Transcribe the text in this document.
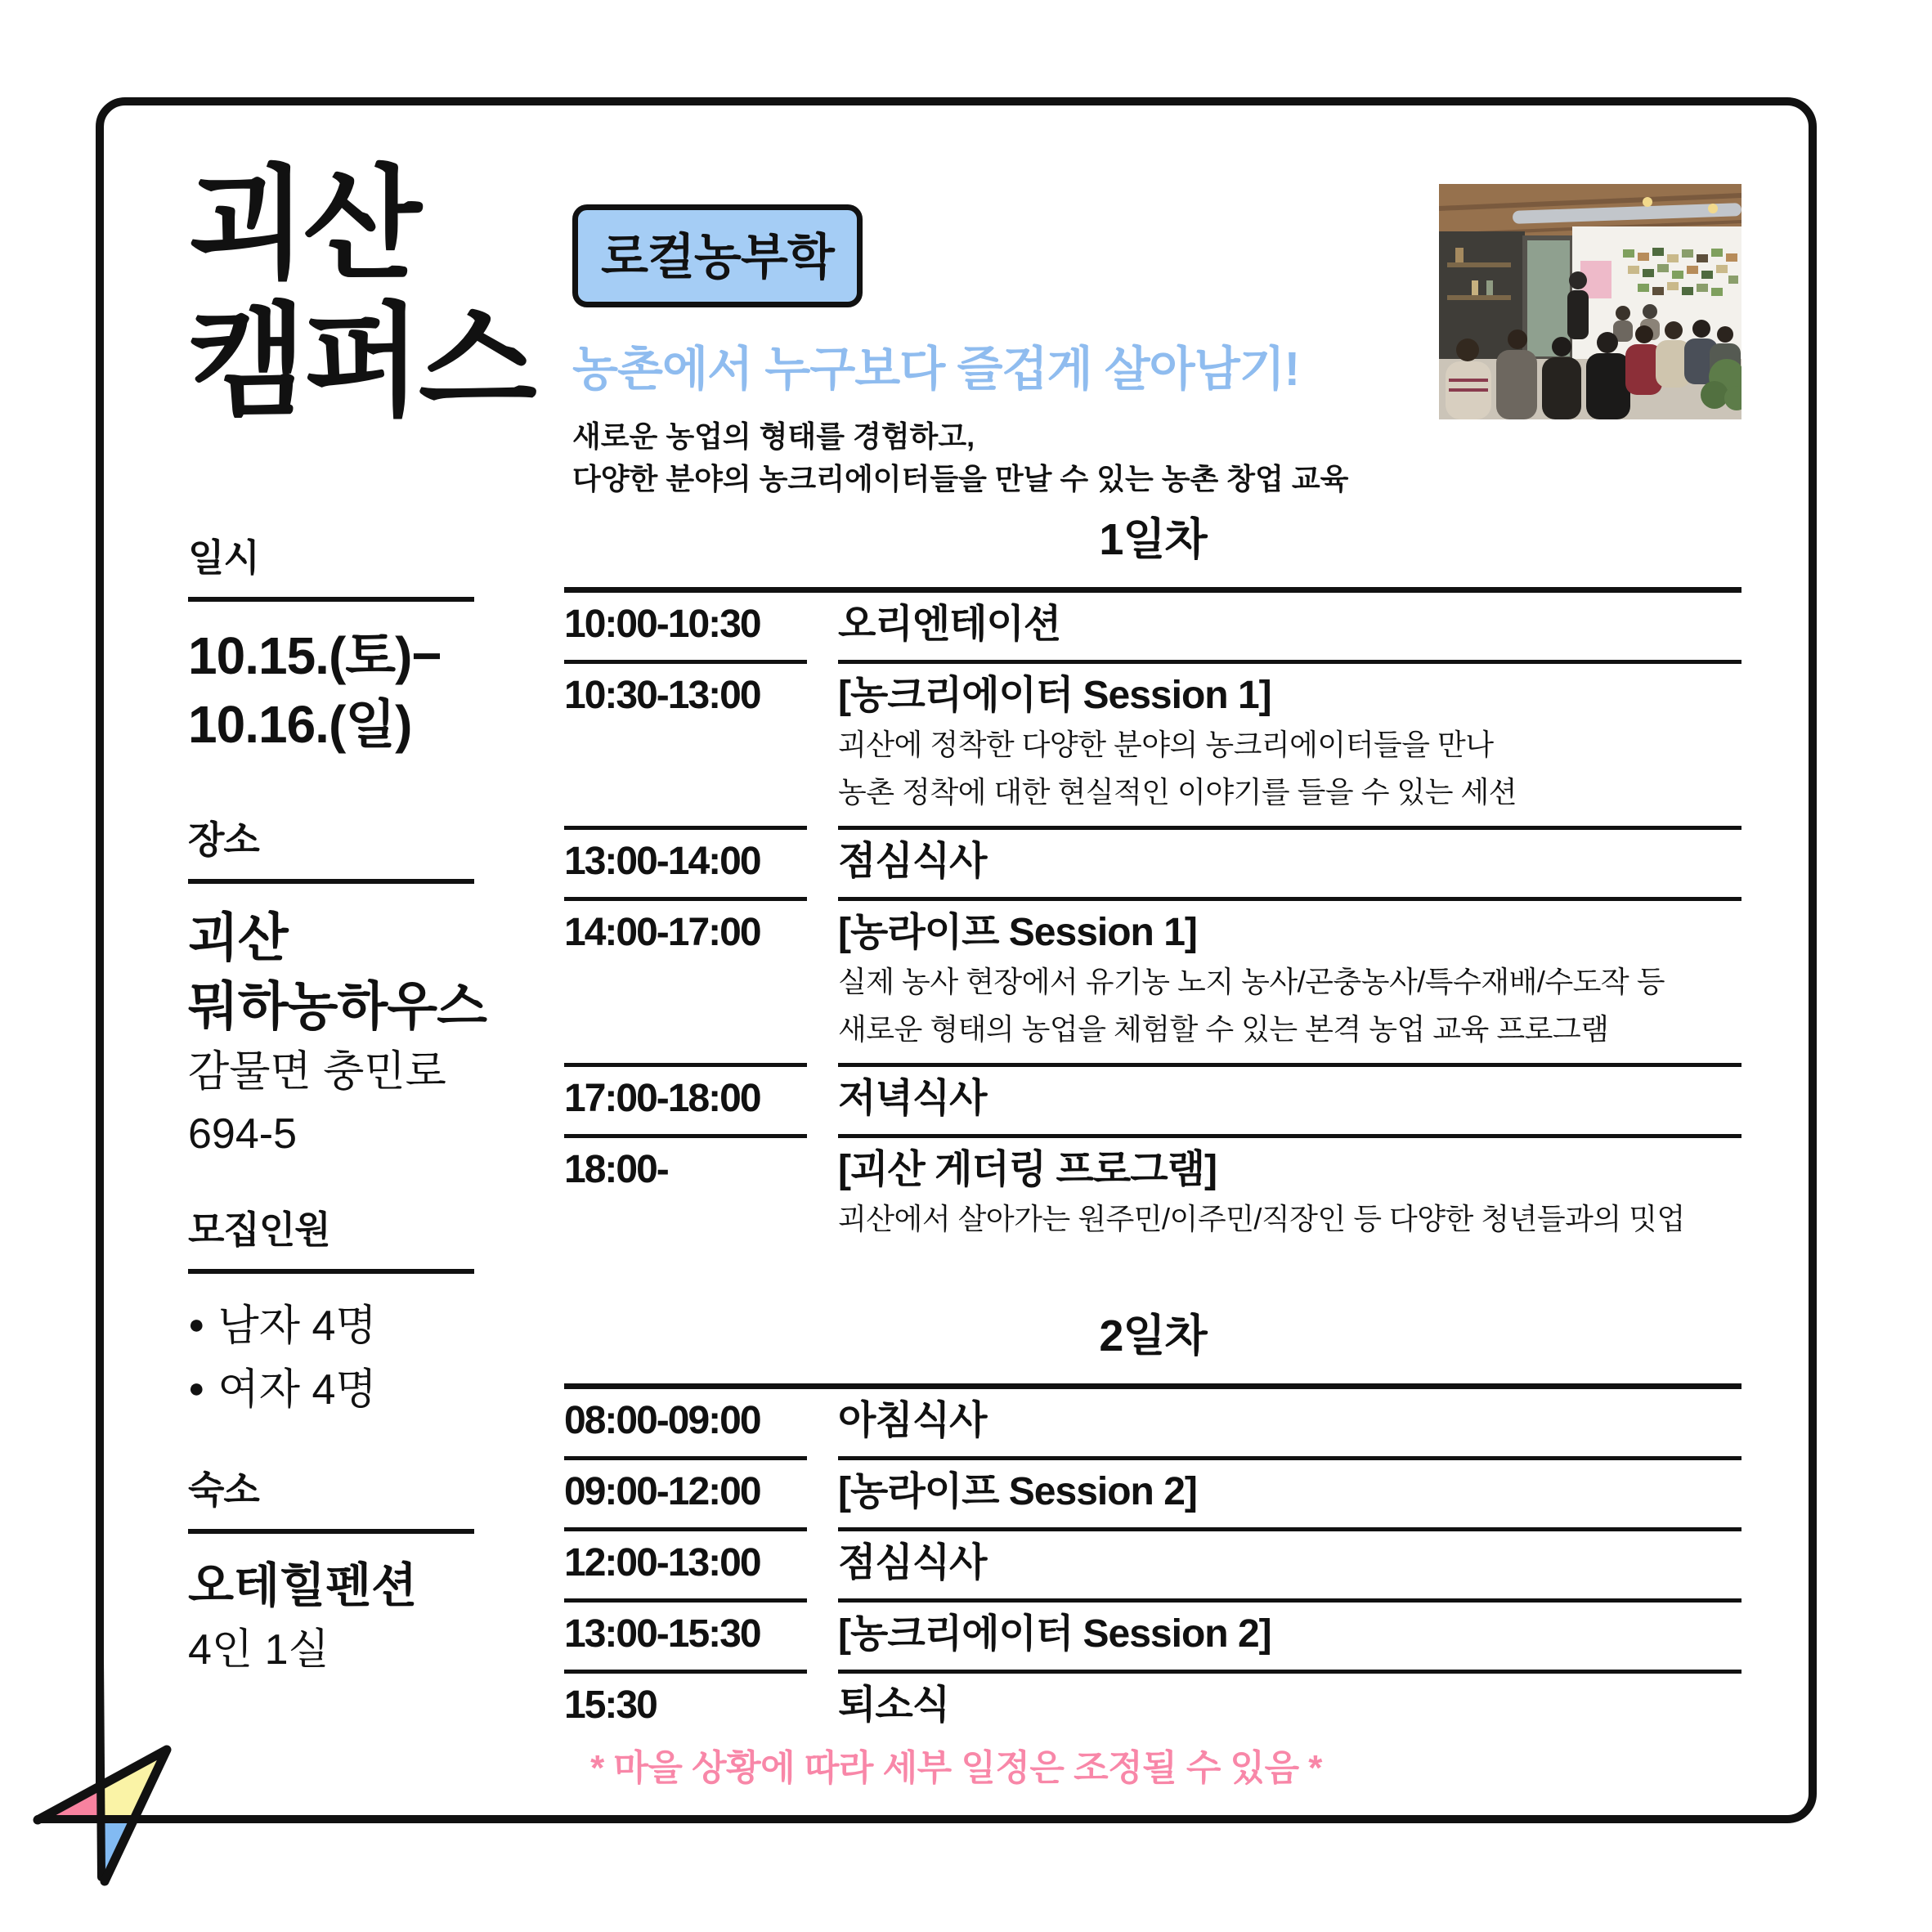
괴산
캠퍼스
로컬농부학
농촌에서 누구보다 즐겁게 살아남기!
새로운 농업의 형태를 경험하고,
다양한 분야의 농크리에이터들을 만날 수 있는 농촌 창업 교육
일시
10.15.(토)−
10.16.(일)
장소
괴산
뭐하농하우스
감물면 충민로
694-5
모집인원
● 남자 4명
● 여자 4명
숙소
오테힐펜션
4인 1실
1일차
10:00-10:30	오리엔테이션
10:30-13:00	[농크리에이터 Session 1]
괴산에 정착한 다양한 분야의 농크리에이터들을 만나
농촌 정착에 대한 현실적인 이야기를 들을 수 있는 세션
13:00-14:00	점심식사
14:00-17:00	[농라이프 Session 1]
실제 농사 현장에서 유기농 노지 농사/곤충농사/특수재배/수도작 등
새로운 형태의 농업을 체험할 수 있는 본격 농업 교육 프로그램
17:00-18:00	저녁식사
18:00-	[괴산 게더링 프로그램]
괴산에서 살아가는 원주민/이주민/직장인 등 다양한 청년들과의 밋업
2일차
08:00-09:00	아침식사
09:00-12:00	[농라이프 Session 2]
12:00-13:00	점심식사
13:00-15:30	[농크리에이터 Session 2]
15:30	퇴소식
* 마을 상황에 따라 세부 일정은 조정될 수 있음 *
